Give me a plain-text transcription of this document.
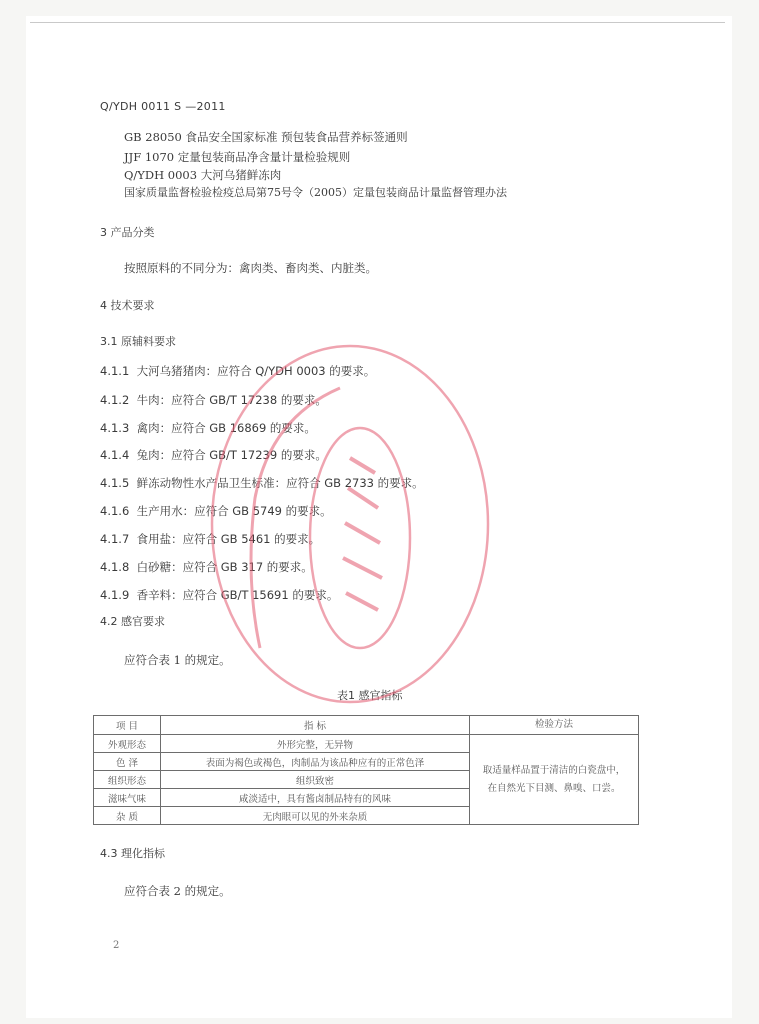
Q/YDH 0011 S —2011
GB 28050 食品安全国家标准 预包装食品营养标签通则
JJF 1070 定量包装商品净含量计量检验规则
Q/YDH 0003 大河乌猪鲜冻肉
国家质量监督检验检疫总局第75号令（2005）定量包装商品计量监督管理办法
3 产品分类
按照原料的不同分为：禽肉类、畜肉类、内脏类。
4 技术要求
3.1 原辅料要求
4.1.1 大河乌猪猪肉：应符合 Q/YDH 0003 的要求。
4.1.2 牛肉：应符合 GB/T 17238 的要求。
4.1.3 禽肉：应符合 GB 16869 的要求。
4.1.4 兔肉：应符合 GB/T 17239 的要求。
4.1.5 鲜冻动物性水产品卫生标准：应符合 GB 2733 的要求。
4.1.6 生产用水：应符合 GB 5749 的要求。
4.1.7 食用盐：应符合 GB 5461 的要求。
4.1.8 白砂糖：应符合 GB 317 的要求。
4.1.9 香辛料：应符合 GB/T 15691 的要求。
4.2 感官要求
应符合表 1 的规定。
表1 感官指标
项 目	指 标	检验方法
外观形态	外形完整，无异物	取适量样品置于清洁的白瓷盘中，
在自然光下目测、鼻嗅、口尝。

色 泽	表面为褐色或褐色，肉制品为该品种应有的正常色泽	
组织形态	组织致密	
滋味气味	咸淡适中，具有酱卤制品特有的风味	
杂 质	无肉眼可以见的外来杂质	
4.3 理化指标
应符合表 2 的规定。
2
